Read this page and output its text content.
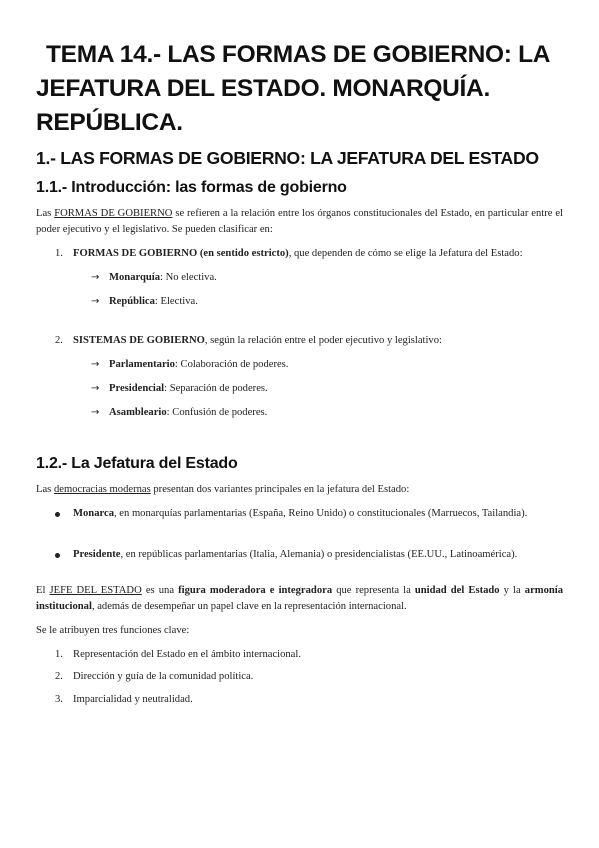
TEMA 14.- LAS FORMAS DE GOBIERNO: LA
JEFATURA DEL ESTADO. MONARQUÍA.
REPÚBLICA.
1.- LAS FORMAS DE GOBIERNO: LA JEFATURA DEL ESTADO
1.1.- Introducción: las formas de gobierno
Las FORMAS DE GOBIERNO se refieren a la relación entre los órganos constitucionales del Estado, en particular entre el poder ejecutivo y el legislativo. Se pueden clasificar en:
1. FORMAS DE GOBIERNO (en sentido estricto), que dependen de cómo se elige la Jefatura del Estado:
→ Monarquía: No electiva.
→ República: Electiva.
2. SISTEMAS DE GOBIERNO, según la relación entre el poder ejecutivo y legislativo:
→ Parlamentario: Colaboración de poderes.
→ Presidencial: Separación de poderes.
→ Asambleario: Confusión de poderes.
1.2.- La Jefatura del Estado
Las democracias modernas presentan dos variantes principales en la jefatura del Estado:
Monarca, en monarquías parlamentarias (España, Reino Unido) o constitucionales (Marruecos, Tailandia).
Presidente, en repúblicas parlamentarias (Italia, Alemania) o presidencialistas (EE.UU., Latinoamérica).
El JEFE DEL ESTADO es una figura moderadora e integradora que representa la unidad del Estado y la armonía institucional, además de desempeñar un papel clave en la representación internacional.
Se le atribuyen tres funciones clave:
1. Representación del Estado en el ámbito internacional.
2. Dirección y guía de la comunidad política.
3. Imparcialidad y neutralidad.
